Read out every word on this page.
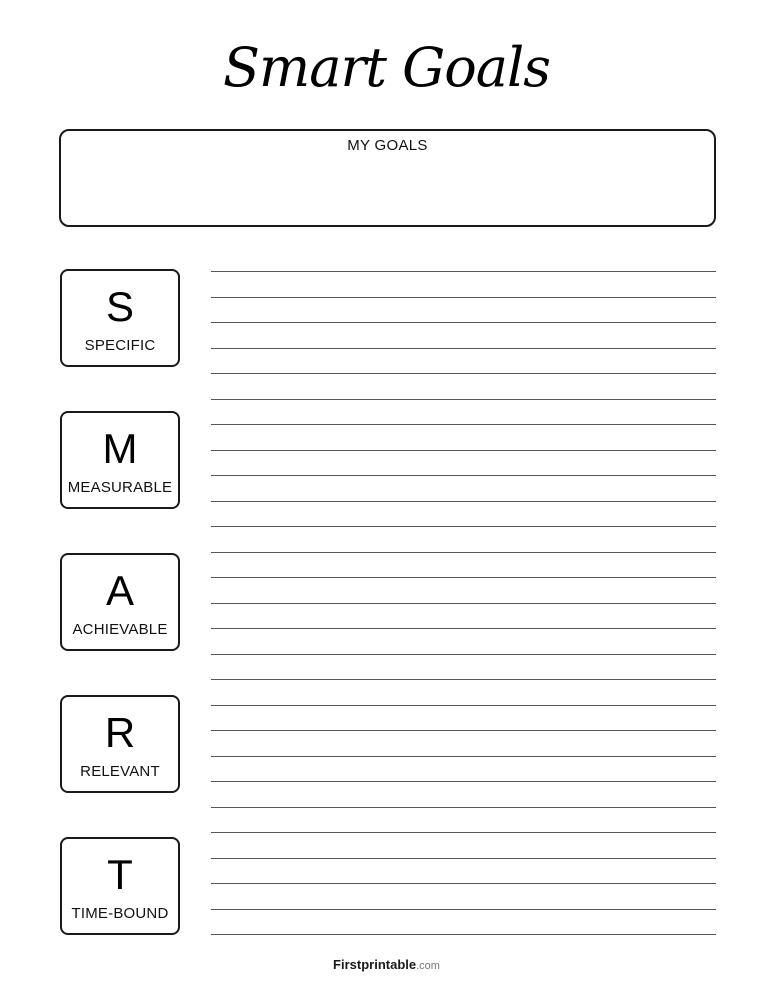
Smart Goals
MY GOALS
S
SPECIFIC
M
MEASURABLE
A
ACHIEVABLE
R
RELEVANT
T
TIME-BOUND
Firstprintable.com
